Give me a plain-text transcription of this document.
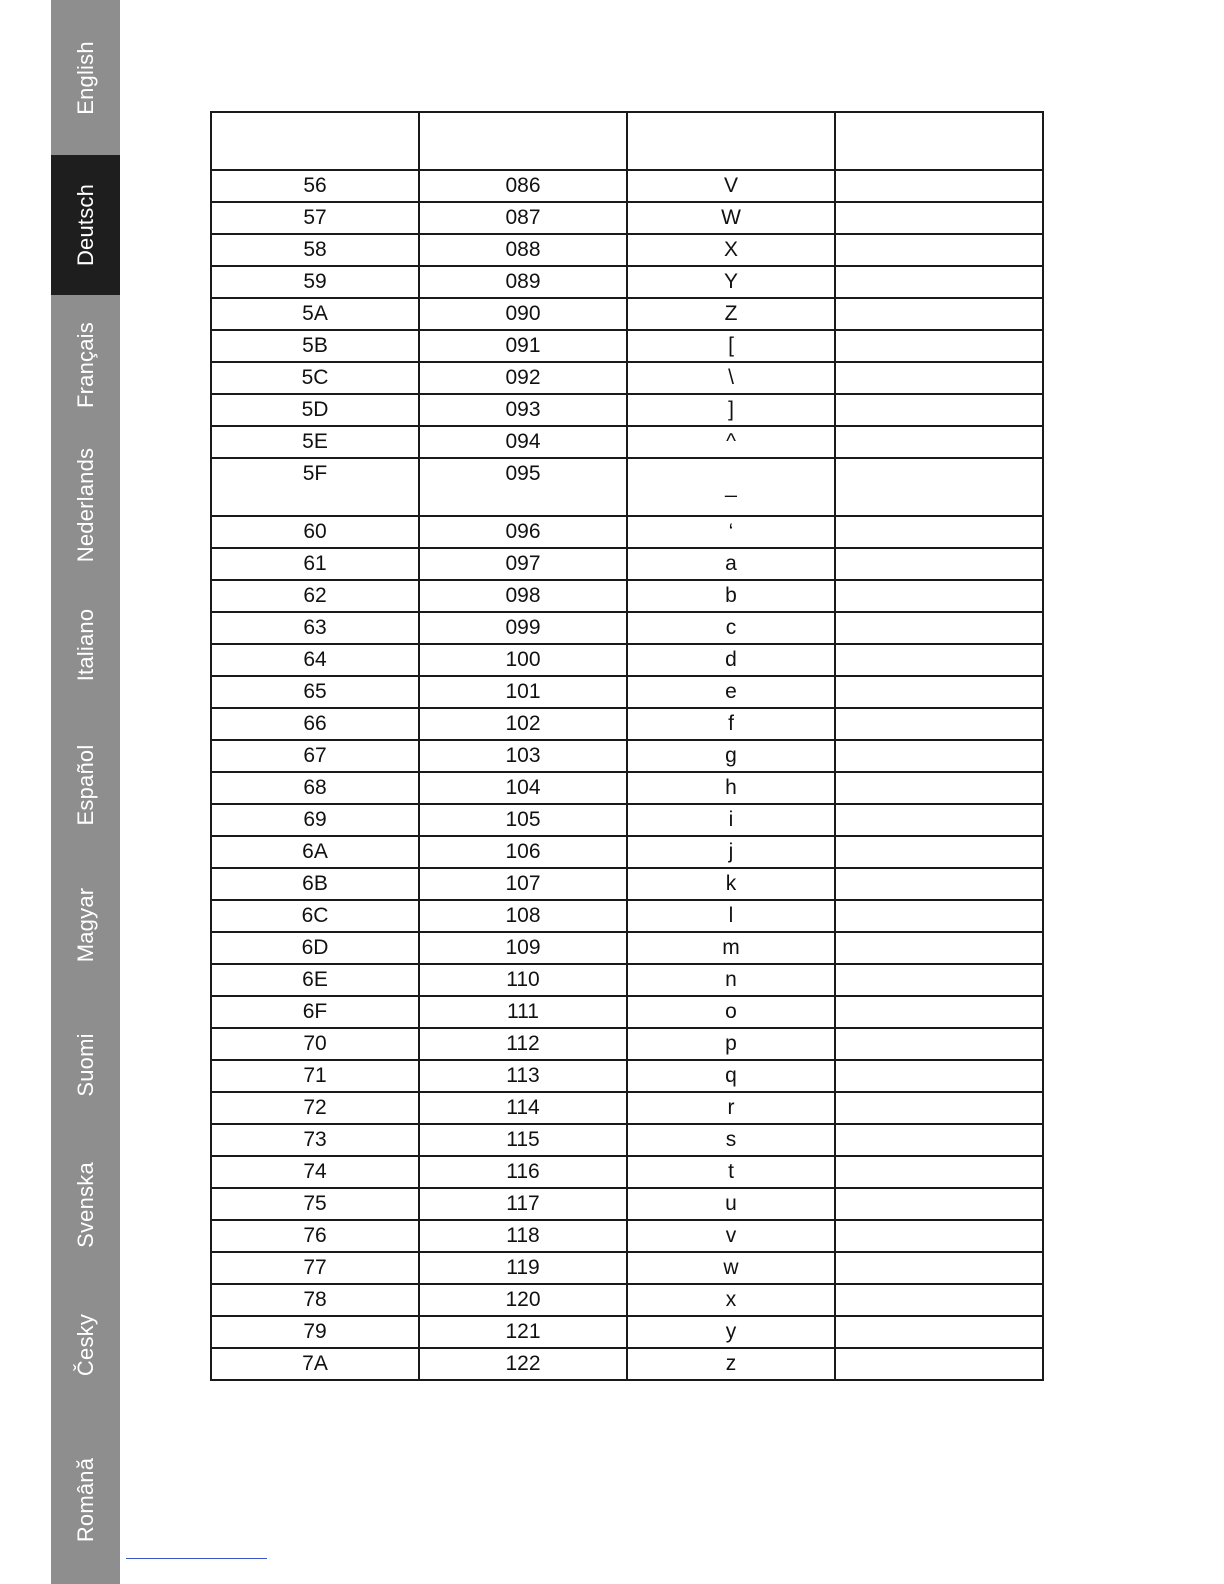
English
Deutsch
Français
Nederlands
Italiano
Español
Magyar
Suomi
Svenska
Česky
Română

56	086	V	
57	087	W	
58	088	X	
59	089	Y	
5A	090	Z	
5B	091	[	
5C	092	\	
5D	093	]	
5E	094	^	
5F	095	_	
60	096	‘	
61	097	a	
62	098	b	
63	099	c	
64	100	d	
65	101	e	
66	102	f	
67	103	g	
68	104	h	
69	105	i	
6A	106	j	
6B	107	k	
6C	108	l	
6D	109	m	
6E	110	n	
6F	111	o	
70	112	p	
71	113	q	
72	114	r	
73	115	s	
74	116	t	
75	117	u	
76	118	v	
77	119	w	
78	120	x	
79	121	y	
7A	122	z	
